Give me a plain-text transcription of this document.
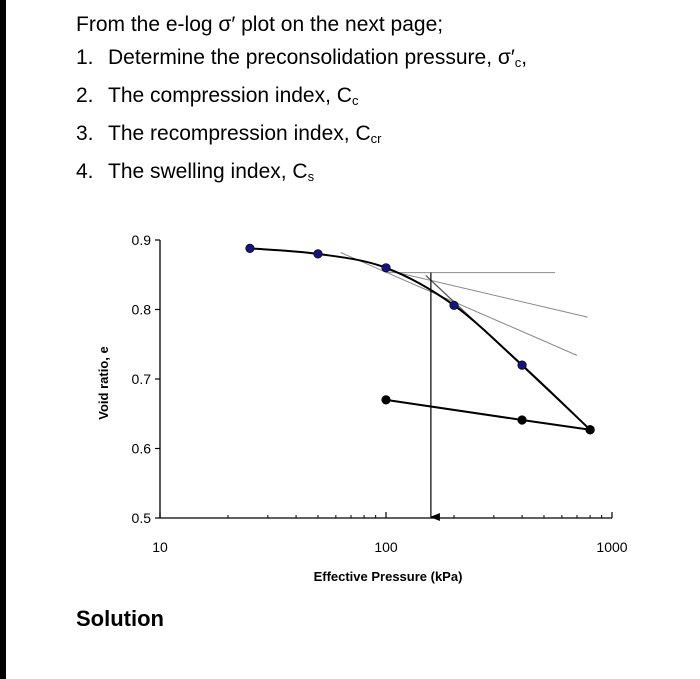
From the e-log σ′ plot on the next page;
1. Determine the preconsolidation pressure, $\sigma'_c$,
2. The compression index, $C_c$
3. The recompression index, $C_{cr}$
4. The swelling index, $C_s$
0.9
0.8
0.7
0.6
0.5
10	100	1000
Effective Pressure (kPa)
Void ratio, e
Solution
